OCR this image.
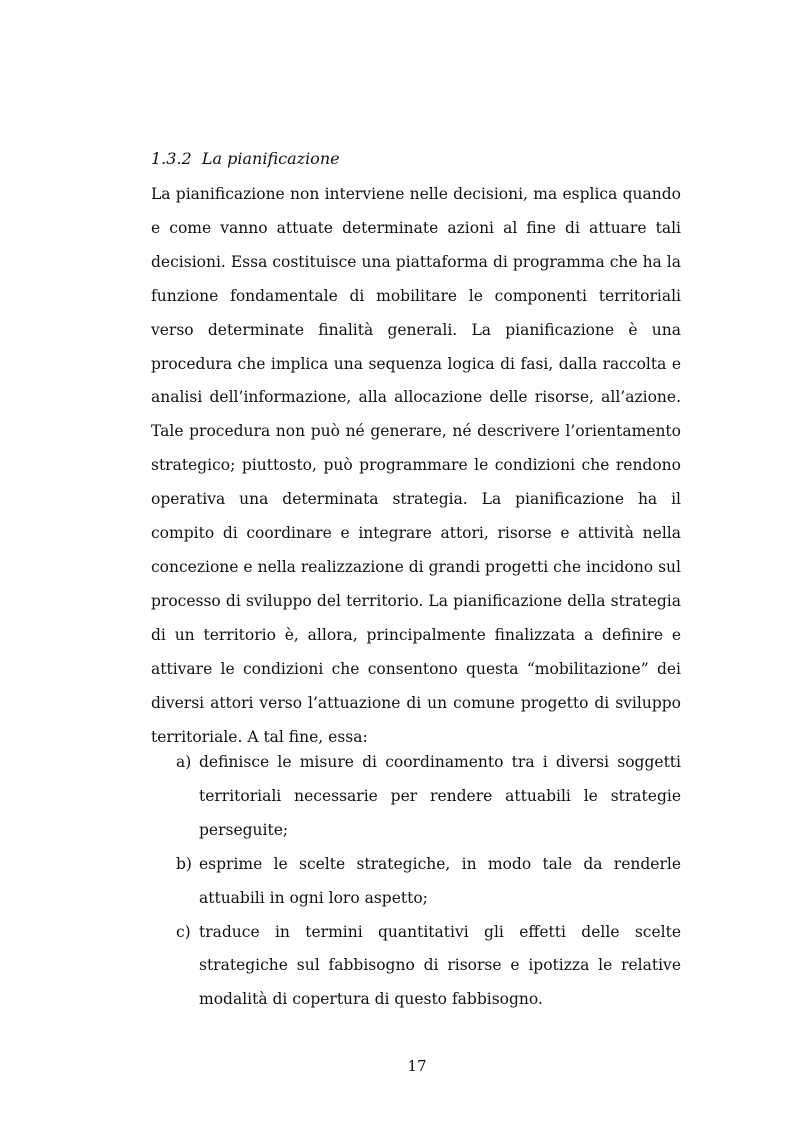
1.3.2 La pianificazione

La pianificazione non interviene nelle decisioni, ma esplica quando e come vanno attuate determinate azioni al fine di attuare tali decisioni. Essa costituisce una piattaforma di programma che ha la funzione fondamentale di mobilitare le componenti territoriali verso determinate finalità generali. La pianificazione è una procedura che implica una sequenza logica di fasi, dalla raccolta e analisi dell’informazione, alla allocazione delle risorse, all’azione. Tale procedura non può né generare, né descrivere l’orientamento strategico; piuttosto, può programmare le condizioni che rendono operativa una determinata strategia. La pianificazione ha il compito di coordinare e integrare attori, risorse e attività nella concezione e nella realizzazione di grandi progetti che incidono sul processo di sviluppo del territorio. La pianificazione della strategia di un territorio è, allora, principalmente finalizzata a definire e attivare le condizioni che consentono questa “mobilitazione” dei diversi attori verso l’attuazione di un comune progetto di sviluppo territoriale. A tal fine, essa:

a) definisce le misure di coordinamento tra i diversi soggetti territoriali necessarie per rendere attuabili le strategie perseguite;
b) esprime le scelte strategiche, in modo tale da renderle attuabili in ogni loro aspetto;
c) traduce in termini quantitativi gli effetti delle scelte strategiche sul fabbisogno di risorse e ipotizza le relative modalità di copertura di questo fabbisogno.
17
